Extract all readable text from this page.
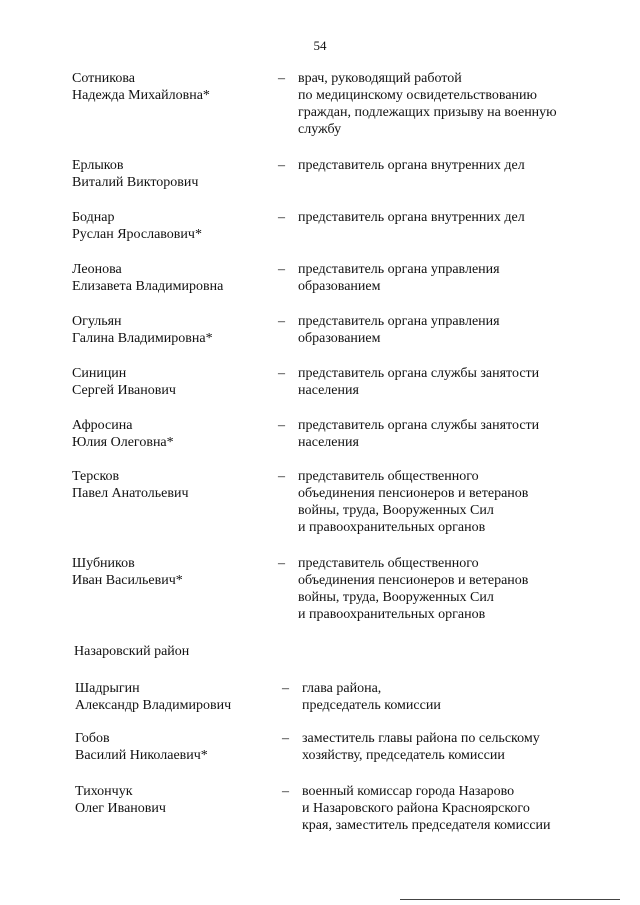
54
Сотникова
Надежда Михайловна*
– врач, руководящий работой
по медицинскому освидетельствованию
граждан, подлежащих призыву на военную
службу
Ерлыков
Виталий Викторович
– представитель органа внутренних дел
Боднар
Руслан Ярославович*
– представитель органа внутренних дел
Леонова
Елизавета Владимировна
– представитель органа управления
образованием
Огульян
Галина Владимировна*
– представитель органа управления
образованием
Синицин
Сергей Иванович
– представитель органа службы занятости
населения
Афросина
Юлия Олеговна*
– представитель органа службы занятости
населения
Терсков
Павел Анатольевич
– представитель общественного
объединения пенсионеров и ветеранов
войны, труда, Вооруженных Сил
и правоохранительных органов
Шубников
Иван Васильевич*
– представитель общественного
объединения пенсионеров и ветеранов
войны, труда, Вооруженных Сил
и правоохранительных органов
Назаровский район
Шадрыгин
Александр Владимирович
– глава района,
председатель комиссии
Гобов
Василий Николаевич*
– заместитель главы района по сельскому
хозяйству, председатель комиссии
Тихончук
Олег Иванович
– военный комиссар города Назарово
и Назаровского района Красноярского
края, заместитель председателя комиссии
